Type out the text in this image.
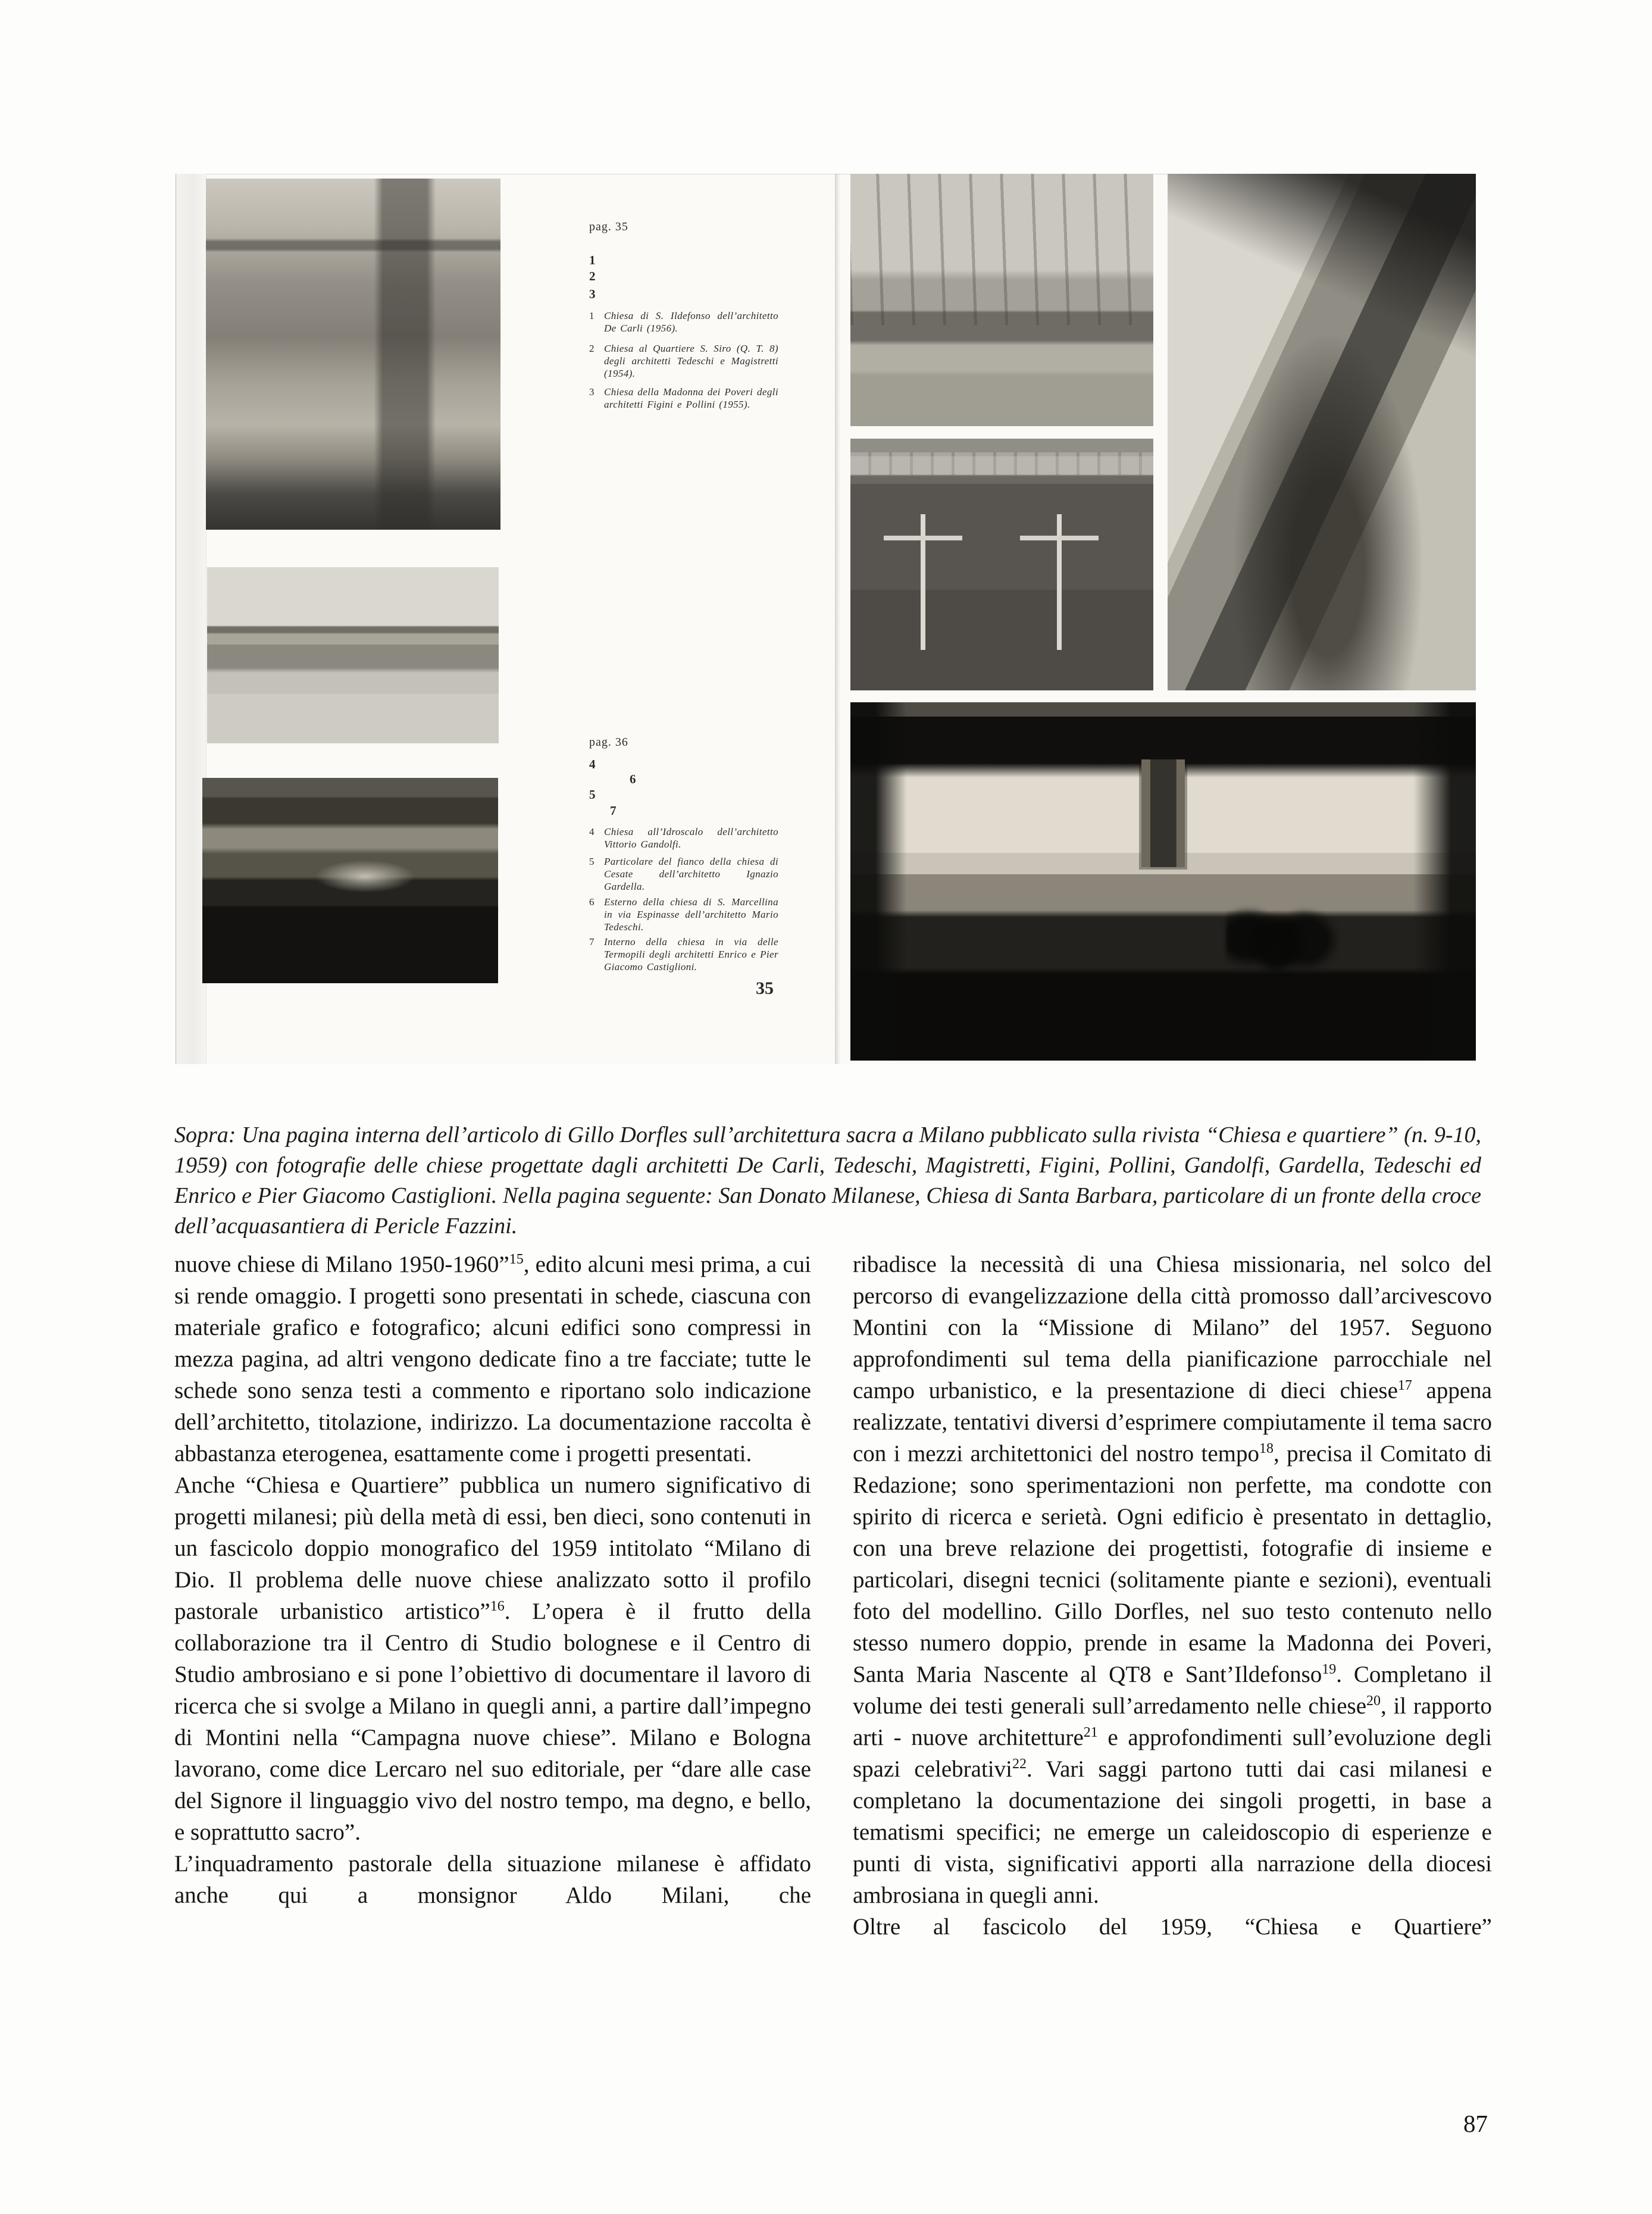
pag. 35
1
2
3
1 Chiesa di S. Ildefonso dell’architetto De Carli (1956).
2 Chiesa al Quartiere S. Siro (Q. T. 8) degli architetti Tedeschi e Magistretti (1954).
3 Chiesa della Madonna dei Poveri degli architetti Figini e Pollini (1955).
pag. 36
4
6
5
7
4 Chiesa all’Idroscalo dell’architetto Vittorio Gandolfi.
5 Particolare del fianco della chiesa di Cesate dell’architetto Ignazio Gardella.
6 Esterno della chiesa di S. Marcellina in via Espinasse dell’architetto Mario Tedeschi.
7 Interno della chiesa in via delle Termopili degli architetti Enrico e Pier Giacomo Castiglioni.
35

Sopra: Una pagina interna dell’articolo di Gillo Dorfles sull’architettura sacra a Milano pubblicato sulla rivista “Chiesa e quartiere” (n. 9-10, 1959) con fotografie delle chiese progettate dagli architetti De Carli, Tedeschi, Magistretti, Figini, Pollini, Gandolfi, Gardella, Tedeschi ed Enrico e Pier Giacomo Castiglioni. Nella pagina seguente: San Donato Milanese, Chiesa di Santa Barbara, particolare di un fronte della croce dell’acquasantiera di Pericle Fazzini.

nuove chiese di Milano 1950-1960”$^{15}$, edito alcuni mesi prima, a cui si rende omaggio. I progetti sono presentati in schede, ciascuna con materiale grafico e fotografico; alcuni edifici sono compressi in mezza pagina, ad altri vengono dedicate fino a tre facciate; tutte le schede sono senza testi a commento e riportano solo indicazione dell’architetto, titolazione, indirizzo. La documentazione raccolta è abbastanza eterogenea, esattamente come i progetti presentati.

Anche “Chiesa e Quartiere” pubblica un numero significativo di progetti milanesi; più della metà di essi, ben dieci, sono contenuti in un fascicolo doppio monografico del 1959 intitolato “Milano di Dio. Il problema delle nuove chiese analizzato sotto il profilo pastorale urbanistico artistico”$^{16}$. L’opera è il frutto della collaborazione tra il Centro di Studio bolognese e il Centro di Studio ambrosiano e si pone l’obiettivo di documentare il lavoro di ricerca che si svolge a Milano in quegli anni, a partire dall’impegno di Montini nella “Campagna nuove chiese”. Milano e Bologna lavorano, come dice Lercaro nel suo editoriale, per “dare alle case del Signore il linguaggio vivo del nostro tempo, ma degno, e bello, e soprattutto sacro”.

L’inquadramento pastorale della situazione milanese è affidato anche qui a monsignor Aldo Milani, che

ribadisce la necessità di una Chiesa missionaria, nel solco del percorso di evangelizzazione della città promosso dall’arcivescovo Montini con la “Missione di Milano” del 1957. Seguono approfondimenti sul tema della pianificazione parrocchiale nel campo urbanistico, e la presentazione di dieci chiese$^{17}$ appena realizzate, tentativi diversi d’esprimere compiutamente il tema sacro con i mezzi architettonici del nostro tempo$^{18}$, precisa il Comitato di Redazione; sono sperimentazioni non perfette, ma condotte con spirito di ricerca e serietà. Ogni edificio è presentato in dettaglio, con una breve relazione dei progettisti, fotografie di insieme e particolari, disegni tecnici (solitamente piante e sezioni), eventuali foto del modellino. Gillo Dorfles, nel suo testo contenuto nello stesso numero doppio, prende in esame la Madonna dei Poveri, Santa Maria Nascente al QT8 e Sant’Ildefonso$^{19}$. Completano il volume dei testi generali sull’arredamento nelle chiese$^{20}$, il rapporto arti - nuove architetture$^{21}$ e approfondimenti sull’evoluzione degli spazi celebrativi$^{22}$. Vari saggi partono tutti dai casi milanesi e completano la documentazione dei singoli progetti, in base a tematismi specifici; ne emerge un caleidoscopio di esperienze e punti di vista, significativi apporti alla narrazione della diocesi ambrosiana in quegli anni.

Oltre al fascicolo del 1959, “Chiesa e Quartiere”

87
